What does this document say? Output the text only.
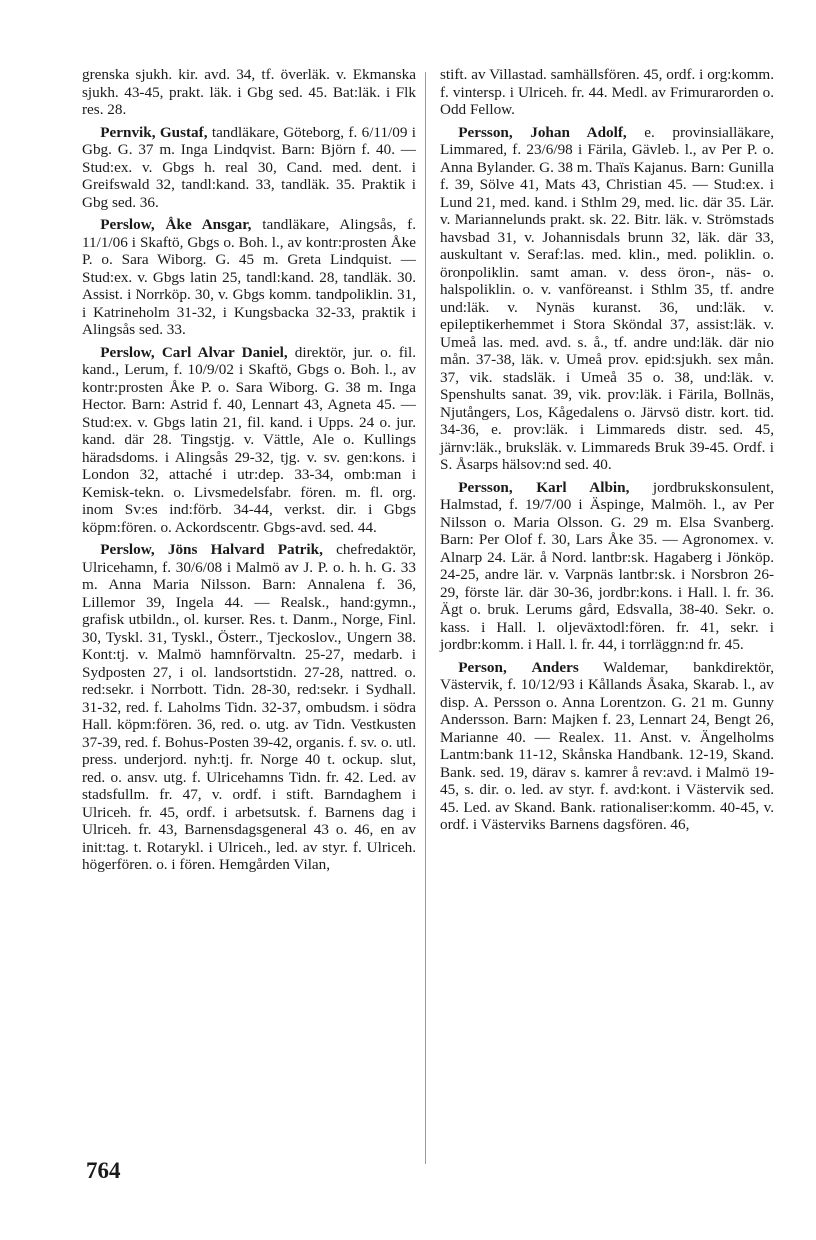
grenska sjukh. kir. avd. 34, tf. överläk. v. Ekmanska sjukh. 43-45, prakt. läk. i Gbg sed. 45. Bat:läk. i Flk res. 28.

Pernvik, Gustaf, tandläkare, Göteborg, f. 6/11/09 i Gbg. G. 37 m. Inga Lindqvist. Barn: Björn f. 40. — Stud:ex. v. Gbgs h. real 30, Cand. med. dent. i Greifswald 32, tandl:kand. 33, tandläk. 35. Praktik i Gbg sed. 36.

Perslow, Åke Ansgar, tandläkare, Alingsås, f. 11/1/06 i Skaftö, Gbgs o. Boh. l., av kontr:prosten Åke P. o. Sara Wiborg. G. 45 m. Greta Lindquist. — Stud:ex. v. Gbgs latin 25, tandl:kand. 28, tandläk. 30. Assist. i Norrköp. 30, v. Gbgs komm. tandpoliklin. 31, i Katrineholm 31-32, i Kungsbacka 32-33, praktik i Alingsås sed. 33.

Perslow, Carl Alvar Daniel, direktör, jur. o. fil. kand., Lerum, f. 10/9/02 i Skaftö, Gbgs o. Boh. l., av kontr:prosten Åke P. o. Sara Wiborg. G. 38 m. Inga Hector. Barn: Astrid f. 40, Lennart 43, Agneta 45. — Stud:ex. v. Gbgs latin 21, fil. kand. i Upps. 24 o. jur. kand. där 28. Tingstjg. v. Vättle, Ale o. Kullings häradsdoms. i Alingsås 29-32, tjg. v. sv. gen:kons. i London 32, attaché i utr:dep. 33-34, omb:man i Kemisk-tekn. o. Livsmedelsfabr. fören. m. fl. org. inom Sv:es ind:förb. 34-44, verkst. dir. i Gbgs köpm:fören. o. Ackordscentr. Gbgs-avd. sed. 44.

Perslow, Jöns Halvard Patrik, chefredaktör, Ulricehamn, f. 30/6/08 i Malmö av J. P. o. h. h. G. 33 m. Anna Maria Nilsson. Barn: Annalena f. 36, Lillemor 39, Ingela 44. — Realsk., hand:gymn., grafisk utbildn., ol. kurser. Res. t. Danm., Norge, Finl. 30, Tyskl. 31, Tyskl., Österr., Tjeckoslov., Ungern 38. Kont:tj. v. Malmö hamnförvaltn. 25-27, medarb. i Sydposten 27, i ol. landsortstidn. 27-28, nattred. o. red:sekr. i Norrbott. Tidn. 28-30, red:sekr. i Sydhall. 31-32, red. f. Laholms Tidn. 32-37, ombudsm. i södra Hall. köpm:fören. 36, red. o. utg. av Tidn. Vestkusten 37-39, red. f. Bohus-Posten 39-42, organis. f. sv. o. utl. press. underjord. nyh:tj. fr. Norge 40 t. ockup. slut, red. o. ansv. utg. f. Ulricehamns Tidn. fr. 42. Led. av stadsfullm. fr. 47, v. ordf. i stift. Barndaghem i Ulriceh. fr. 45, ordf. i arbetsutsk. f. Barnens dag i Ulriceh. fr. 43, Barnensdagsgeneral 43 o. 46, en av init:tag. t. Rotarykl. i Ulriceh., led. av styr. f. Ulriceh. högerfören. o. i fören. Hemgården Vilan,

stift. av Villastad. samhällsfören. 45, ordf. i org:komm. f. vintersp. i Ulriceh. fr. 44. Medl. av Frimurarorden o. Odd Fellow.

Persson, Johan Adolf, e. provinsialläkare, Limmared, f. 23/6/98 i Färila, Gävleb. l., av Per P. o. Anna Bylander. G. 38 m. Thaïs Kajanus. Barn: Gunilla f. 39, Sölve 41, Mats 43, Christian 45. — Stud:ex. i Lund 21, med. kand. i Sthlm 29, med. lic. där 35. Lär. v. Mariannelunds prakt. sk. 22. Bitr. läk. v. Strömstads havsbad 31, v. Johannisdals brunn 32, läk. där 33, auskultant v. Seraf:las. med. klin., med. poliklin. o. öronpoliklin. samt aman. v. dess öron-, näs- o. halspoliklin. o. v. vanföreanst. i Sthlm 35, tf. andre und:läk. v. Nynäs kuranst. 36, und:läk. v. epileptikerhemmet i Stora Sköndal 37, assist:läk. v. Umeå las. med. avd. s. å., tf. andre und:läk. där nio mån. 37-38, läk. v. Umeå prov. epid:sjukh. sex mån. 37, vik. stadsläk. i Umeå 35 o. 38, und:läk. v. Spenshults sanat. 39, vik. prov:läk. i Färila, Bollnäs, Njutångers, Los, Kågedalens o. Järvsö distr. kort. tid. 34-36, e. prov:läk. i Limmareds distr. sed. 45, järnv:läk., bruksläk. v. Limmareds Bruk 39-45. Ordf. i S. Åsarps hälsov:nd sed. 40.

Persson, Karl Albin, jordbrukskonsulent, Halmstad, f. 19/7/00 i Äspinge, Malmöh. l., av Per Nilsson o. Maria Olsson. G. 29 m. Elsa Svanberg. Barn: Per Olof f. 30, Lars Åke 35. — Agronomex. v. Alnarp 24. Lär. å Nord. lantbr:sk. Hagaberg i Jönköp. 24-25, andre lär. v. Varpnäs lantbr:sk. i Norsbron 26-29, förste lär. där 30-36, jordbr:kons. i Hall. l. fr. 36. Ägt o. bruk. Lerums gård, Edsvalla, 38-40. Sekr. o. kass. i Hall. l. oljeväxtodl:fören. fr. 41, sekr. i jordbr:komm. i Hall. l. fr. 44, i torrläggn:nd fr. 45.

Person, Anders Waldemar, bankdirektör, Västervik, f. 10/12/93 i Kållands Åsaka, Skarab. l., av disp. A. Persson o. Anna Lorentzon. G. 21 m. Gunny Andersson. Barn: Majken f. 23, Lennart 24, Bengt 26, Marianne 40. — Realex. 11. Anst. v. Ängelholms Lantm:bank 11-12, Skånska Handbank. 12-19, Skand. Bank. sed. 19, därav s. kamrer å rev:avd. i Malmö 19-45, s. dir. o. led. av styr. f. avd:kont. i Västervik sed. 45. Led. av Skand. Bank. rationaliser:komm. 40-45, v. ordf. i Västerviks Barnens dagsfören. 46,

764
